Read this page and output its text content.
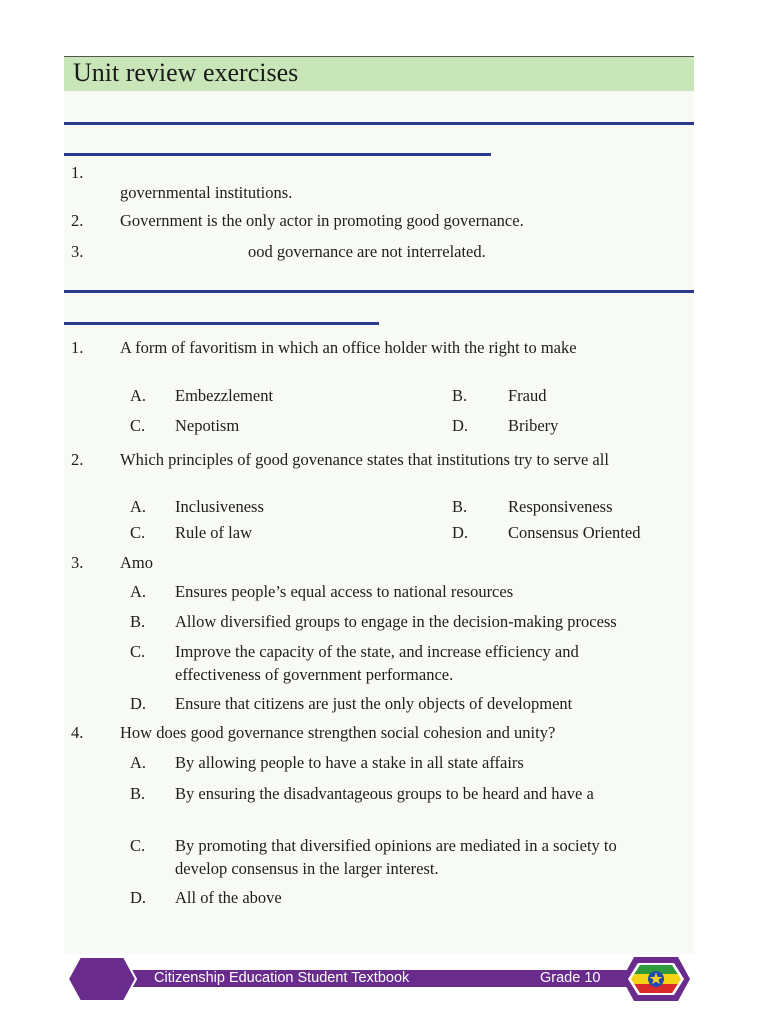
Unit review exercises
1.
governmental institutions.
2. Government is the only actor in promoting good governance.
3.	ood governance are not interrelated.
1. A form of favoritism in which an office holder with the right to make
A. Embezzlement	B. Fraud
C. Nepotism	D. Bribery
2. Which principles of good govenance states that institutions try to serve all
A. Inclusiveness	B. Responsiveness
C. Rule of law	D. Consensus Oriented
3. Amo
A. Ensures people’s equal access to national resources
B. Allow diversified groups to engage in the decision-making process
C. Improve the capacity of the state, and increase efficiency and
effectiveness of government performance.
D. Ensure that citizens are just the only objects of development
4. How does good governance strengthen social cohesion and unity?
A. By allowing people to have a stake in all state affairs
B. By ensuring the disadvantageous groups to be heard and have a
C. By promoting that diversified opinions are mediated in a society to
develop consensus in the larger interest.
D. All of the above
Citizenship Education Student Textbook	Grade 10
